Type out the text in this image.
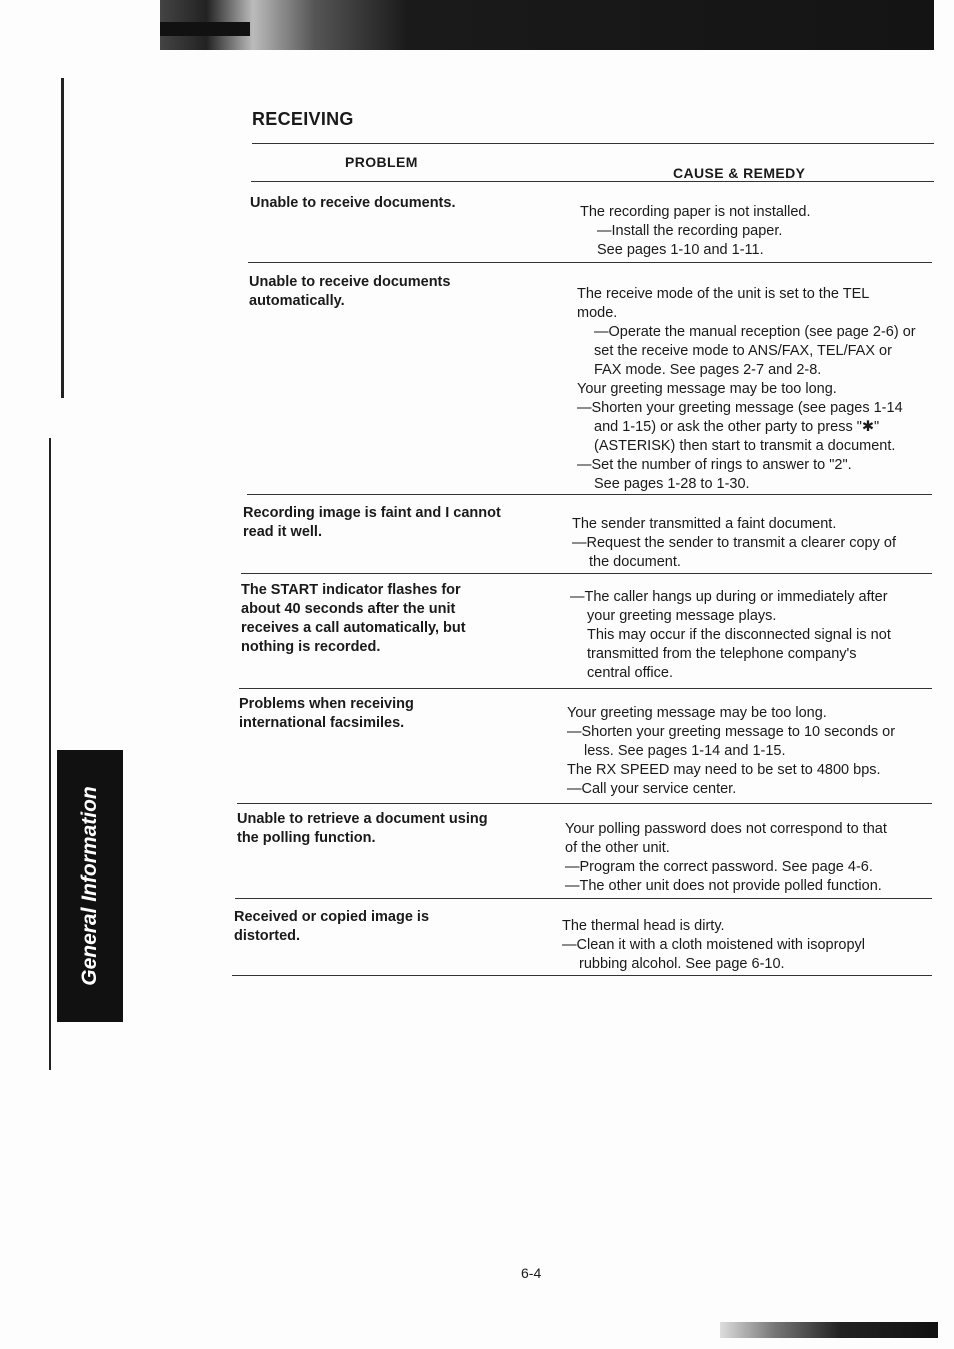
General Information
RECEIVING
PROBLEM
CAUSE & REMEDY
Unable to receive documents.
The recording paper is not installed.
—Install the recording paper.
See pages 1-10 and 1-11.
Unable to receive documents
automatically.	The receive mode of the unit is set to the TEL
mode.
—Operate the manual reception (see page 2-6) or
set the receive mode to ANS/FAX, TEL/FAX or
FAX mode. See pages 2-7 and 2-8.
Your greeting message may be too long.
—Shorten your greeting message (see pages 1-14
and 1-15) or ask the other party to press "✱"
(ASTERISK) then start to transmit a document.
—Set the number of rings to answer to "2".
See pages 1-28 to 1-30.
Recording image is faint and I cannot
read it well.	The sender transmitted a faint document.
—Request the sender to transmit a clearer copy of
the document.
The START indicator flashes for
about 40 seconds after the unit
receives a call automatically, but
nothing is recorded.
—The caller hangs up during or immediately after
your greeting message plays.
This may occur if the disconnected signal is not
transmitted from the telephone company's
central office.
Problems when receiving
international facsimiles.
Your greeting message may be too long.
—Shorten your greeting message to 10 seconds or
less. See pages 1-14 and 1-15.
The RX SPEED may need to be set to 4800 bps.
—Call your service center.
Unable to retrieve a document using
the polling function.
Your polling password does not correspond to that
of the other unit.
—Program the correct password. See page 4-6.
—The other unit does not provide polled function.
Received or copied image is
distorted.
The thermal head is dirty.
—Clean it with a cloth moistened with isopropyl
rubbing alcohol. See page 6-10.
6-4
